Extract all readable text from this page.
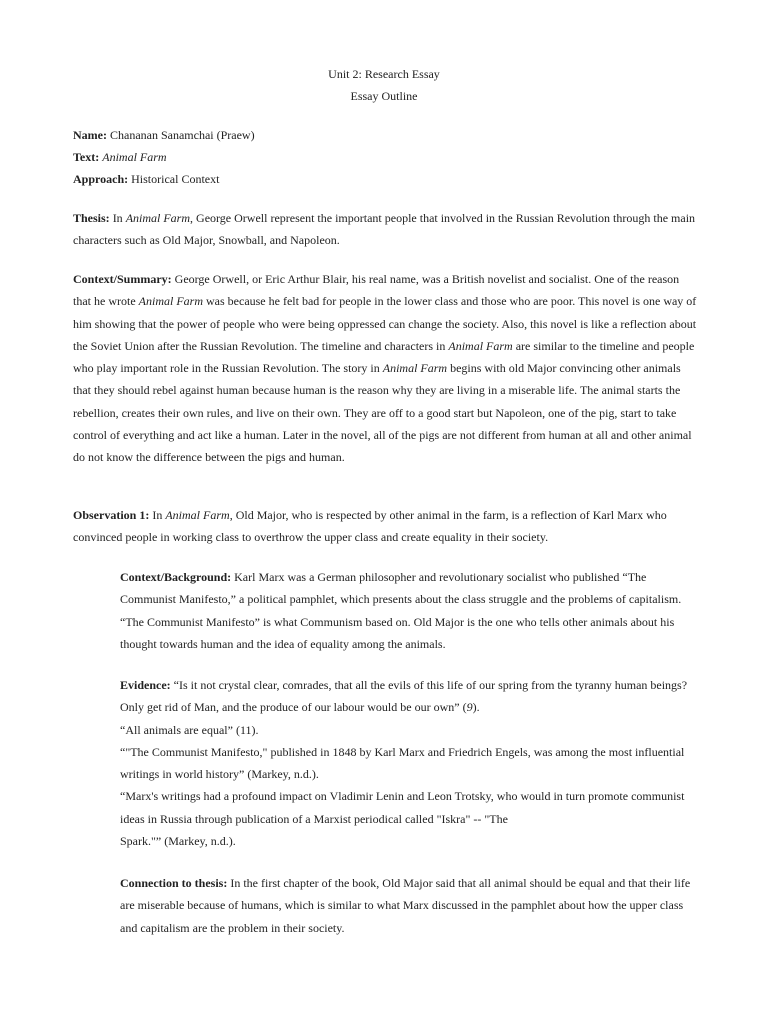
Unit 2: Research Essay
Essay Outline
Name: Chananan Sanamchai (Praew)
Text: Animal Farm
Approach: Historical Context

Thesis: In Animal Farm, George Orwell represent the important people that involved in the Russian Revolution through the main characters such as Old Major, Snowball, and Napoleon.

Context/Summary: George Orwell, or Eric Arthur Blair, his real name, was a British novelist and socialist. One of the reason that he wrote Animal Farm was because he felt bad for people in the lower class and those who are poor. This novel is one way of him showing that the power of people who were being oppressed can change the society. Also, this novel is like a reflection about the Soviet Union after the Russian Revolution. The timeline and characters in Animal Farm are similar to the timeline and people who play important role in the Russian Revolution. The story in Animal Farm begins with old Major convincing other animals that they should rebel against human because human is the reason why they are living in a miserable life. The animal starts the rebellion, creates their own rules, and live on their own. They are off to a good start but Napoleon, one of the pig, start to take control of everything and act like a human. Later in the novel, all of the pigs are not different from human at all and other animal do not know the difference between the pigs and human.

Observation 1: In Animal Farm, Old Major, who is respected by other animal in the farm, is a reflection of Karl Marx who convinced people in working class to overthrow the upper class and create equality in their society.

Context/Background: Karl Marx was a German philosopher and revolutionary socialist who published “The Communist Manifesto,” a political pamphlet, which presents about the class struggle and the problems of capitalism. “The Communist Manifesto” is what Communism based on. Old Major is the one who tells other animals about his thought towards human and the idea of equality among the animals.

Evidence: “Is it not crystal clear, comrades, that all the evils of this life of our spring from the tyranny human beings? Only get rid of Man, and the produce of our labour would be our own” (9).

“All animals are equal” (11).

“"The Communist Manifesto," published in 1848 by Karl Marx and Friedrich Engels, was among the most influential writings in world history” (Markey, n.d.).

“Marx's writings had a profound impact on Vladimir Lenin and Leon Trotsky, who would in turn promote communist ideas in Russia through publication of a Marxist periodical called "Iskra" -- "The

Spark."” (Markey, n.d.).

Connection to thesis: In the first chapter of the book, Old Major said that all animal should be equal and that their life are miserable because of humans, which is similar to what Marx discussed in the pamphlet about how the upper class and capitalism are the problem in their society.
